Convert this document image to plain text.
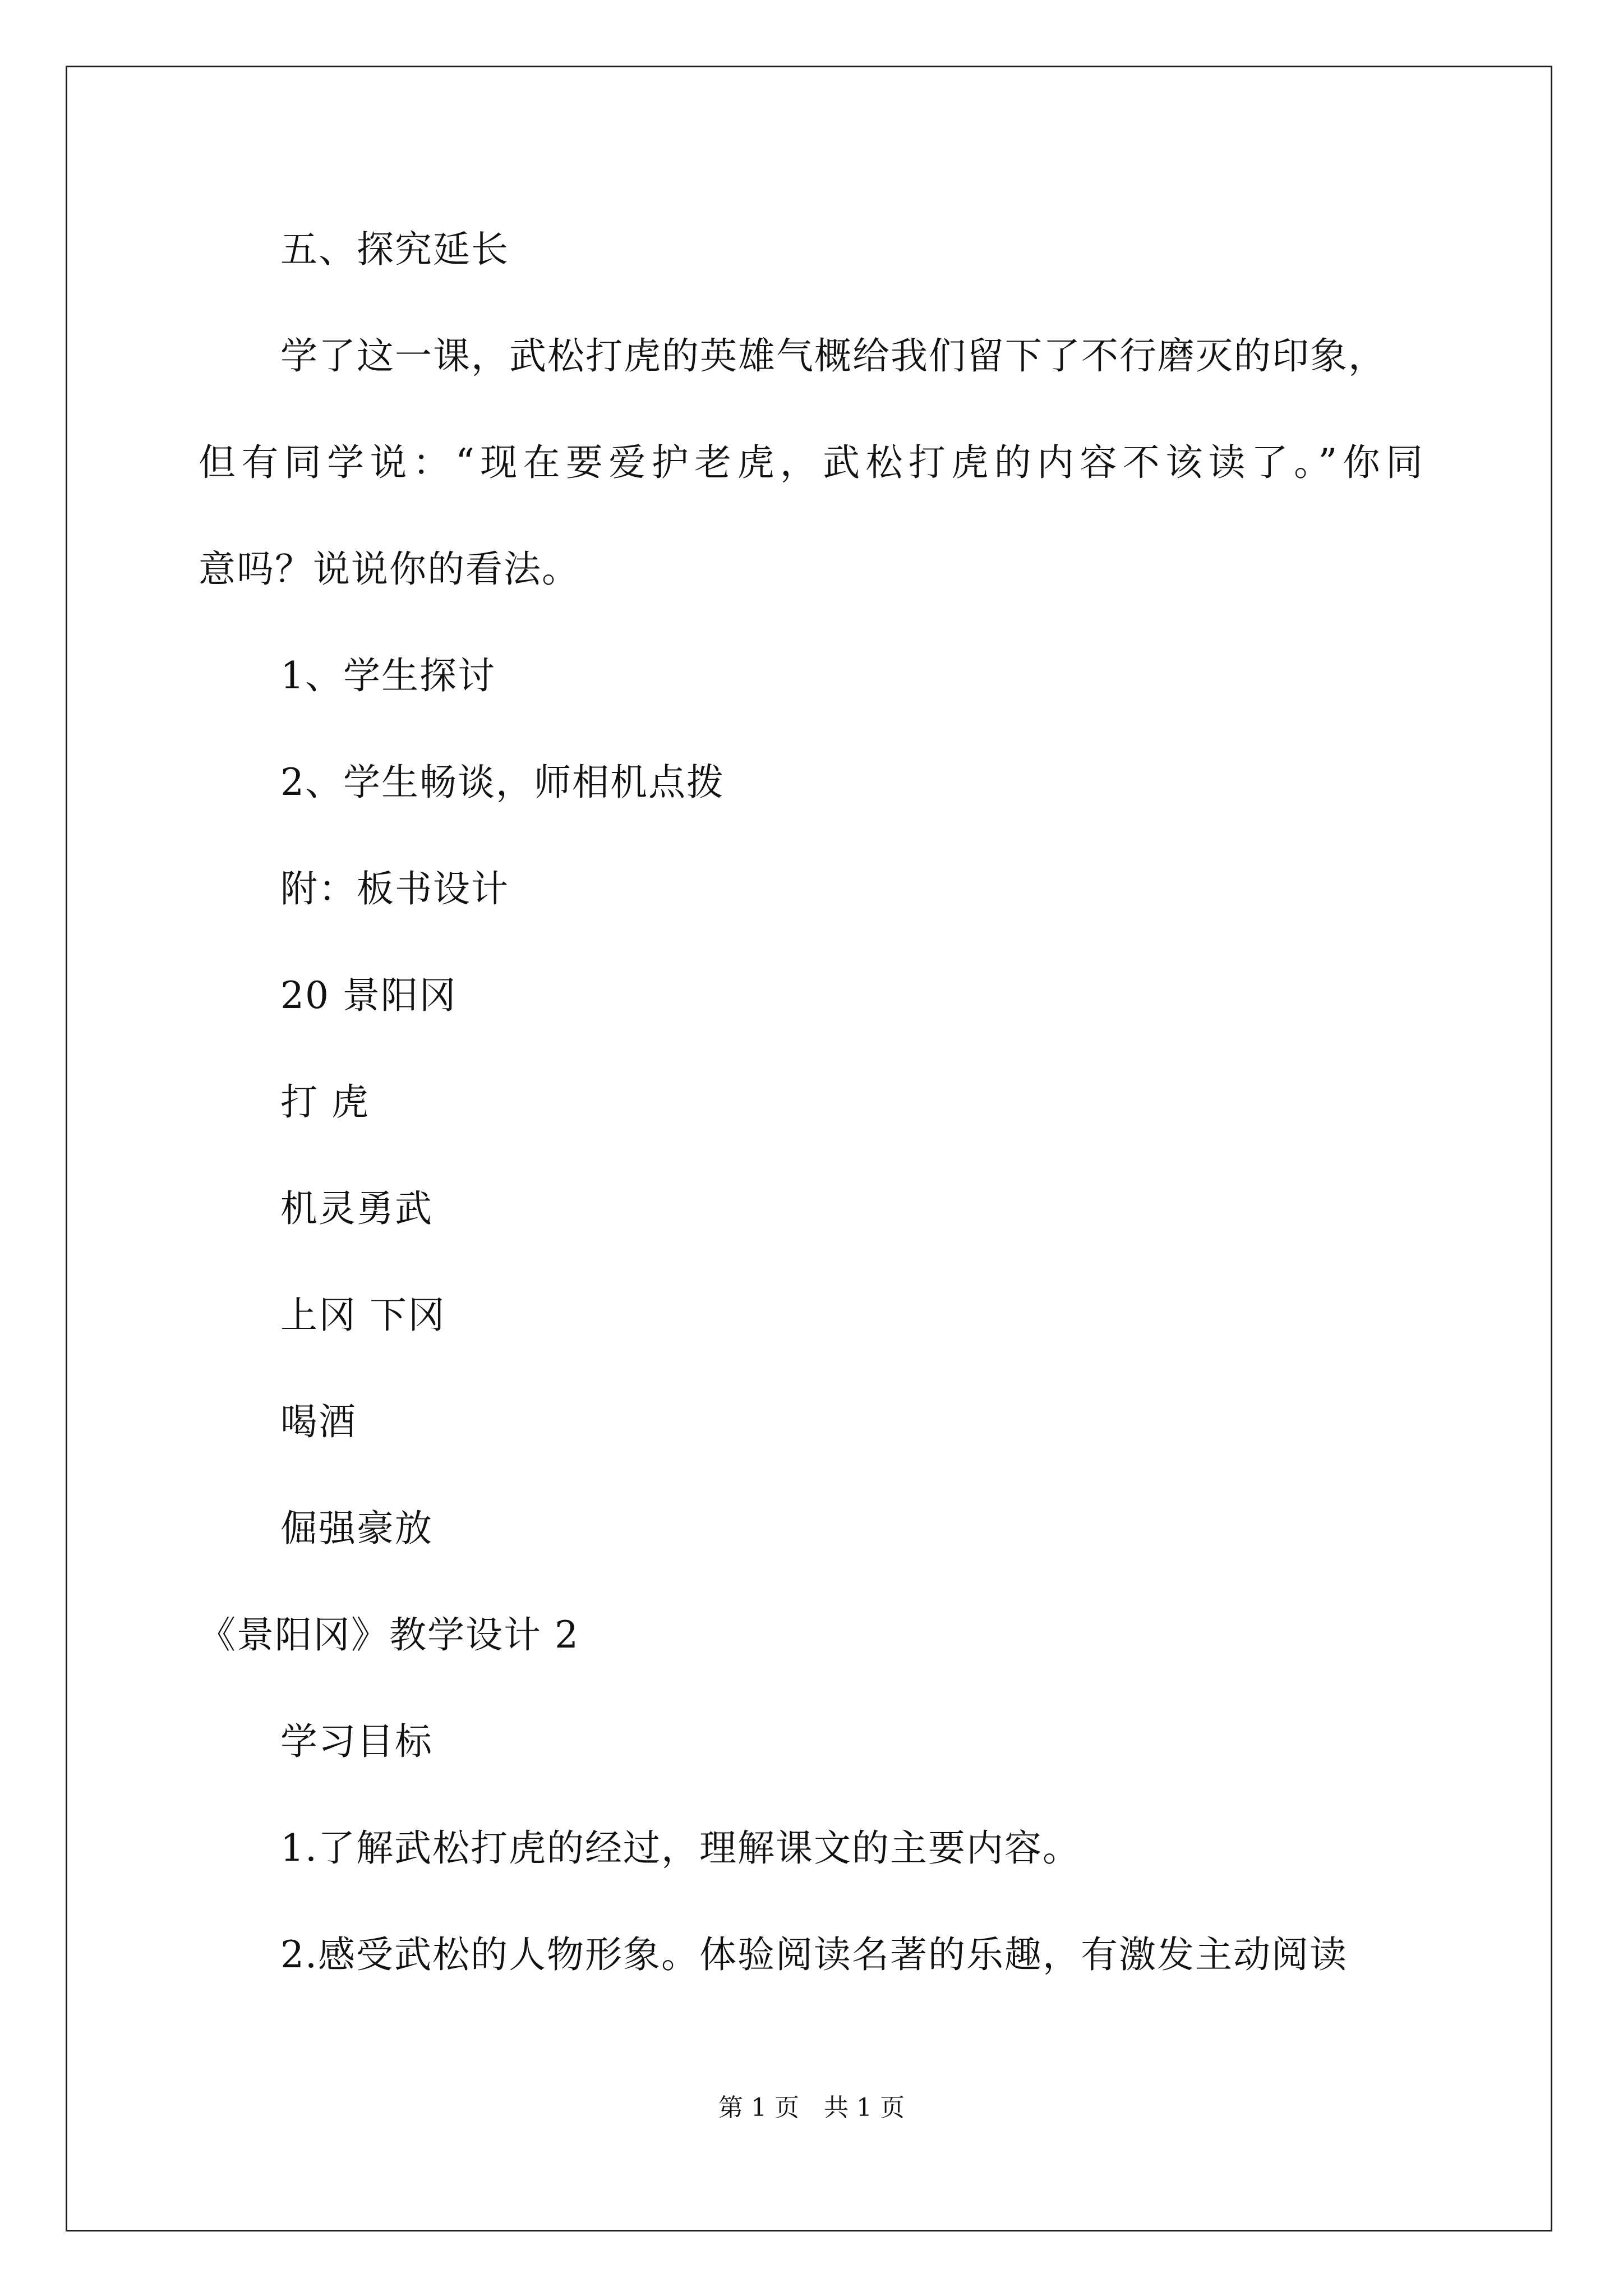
五、探究延长
学了这一课，武松打虎的英雄气概给我们留下了不行磨灭的印象，
但有同学说：“现在要爱护老虎，武松打虎的内容不该读了。”你同
意吗？说说你的看法。
1、学生探讨
2、学生畅谈，师相机点拨
附：板书设计
20 景阳冈
打 虎
机灵勇武
上冈 下冈
喝酒
倔强豪放
《景阳冈》教学设计 2
学习目标
1.了解武松打虎的经过，理解课文的主要内容。
2.感受武松的人物形象。体验阅读名著的乐趣，有激发主动阅读
第 1 页　共 1 页
